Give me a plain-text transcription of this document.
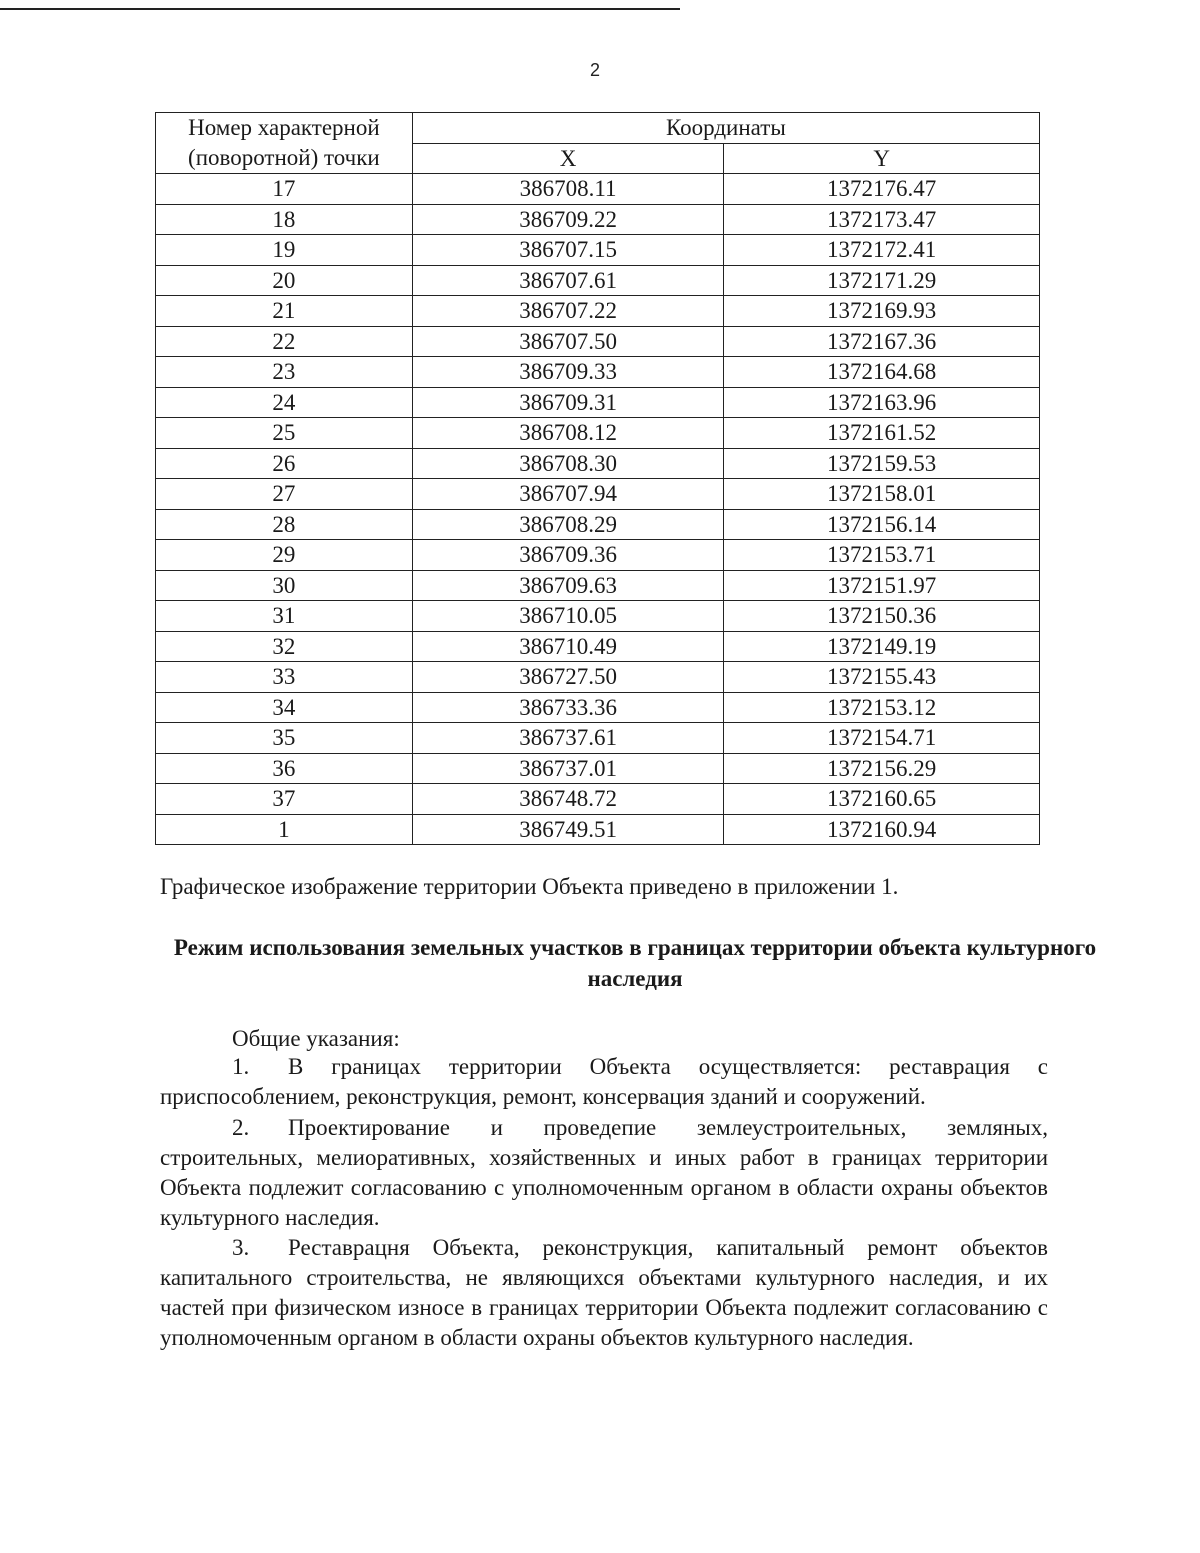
2
Номер характерной (поворотной) точки	Координаты	
	X	Y
17	386708.11	1372176.47
18	386709.22	1372173.47
19	386707.15	1372172.41
20	386707.61	1372171.29
21	386707.22	1372169.93
22	386707.50	1372167.36
23	386709.33	1372164.68
24	386709.31	1372163.96
25	386708.12	1372161.52
26	386708.30	1372159.53
27	386707.94	1372158.01
28	386708.29	1372156.14
29	386709.36	1372153.71
30	386709.63	1372151.97
31	386710.05	1372150.36
32	386710.49	1372149.19
33	386727.50	1372155.43
34	386733.36	1372153.12
35	386737.61	1372154.71
36	386737.01	1372156.29
37	386748.72	1372160.65
1	386749.51	1372160.94
Графическое изображение территории Объекта приведено в приложении 1.
Режим использования земельных участков в границах территории объекта культурного наследия
Общие указания:
1. В границах территории Объекта осуществляется: реставрация с приспособлением, реконструкция, ремонт, консервация зданий и сооружений.
2. Проектирование и проведепие землеустроительных, земляных, строительных, мелиоративных, хозяйственных и иных работ в границах территории Объекта подлежит согласованию с уполномоченным органом в области охраны объектов культурного наследия.
3. Реставрацня Объекта, реконструкция, капитальный ремонт объектов капитального строительства, не являющихся объектами культурного наследия, и их частей при физическом износе в границах территории Объекта подлежит согласованию с уполномоченным органом в области охраны объектов культурного наследия.
